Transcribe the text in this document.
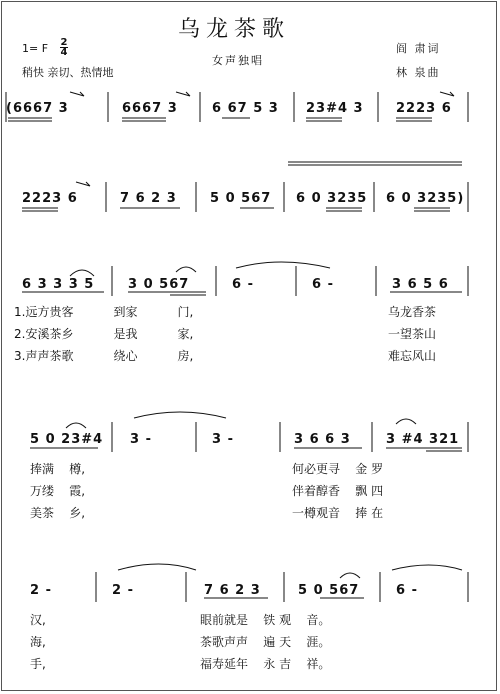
乌龙茶歌
1= F 2
4
稍快 亲切、热情地
女声独唱
阎 肃词
林 泉曲
(6667 3	6667 3	6 67 5 3 23#4 3 2223 6
2223 6	7 6 2 3	5 0 567 6 0 3235 6 0 3235)
6 3 3 3 5	3 0 567	6 -	6 -	3 6 5 6
1.远方贵客	到家	门,	乌龙香茶
2.安溪茶乡	是我	家,	一望茶山
3.声声茶歌	绕心	房,	难忘风山
5 0 23#4 3 -	3 -	3 6 6 3	3 #4 321
捧满 樽,	何必更寻 金 罗
万缕 霞,	伴着醇香 飘 四
美茶 乡,	一樽观音 捧 在
2 -	2 -	7 6 2 3	5 0 567	6 -
汉,	眼前就是 铁 观 音。
海,	茶歌声声 遍 天 涯。
手,	福寿延年 永 吉 祥。
